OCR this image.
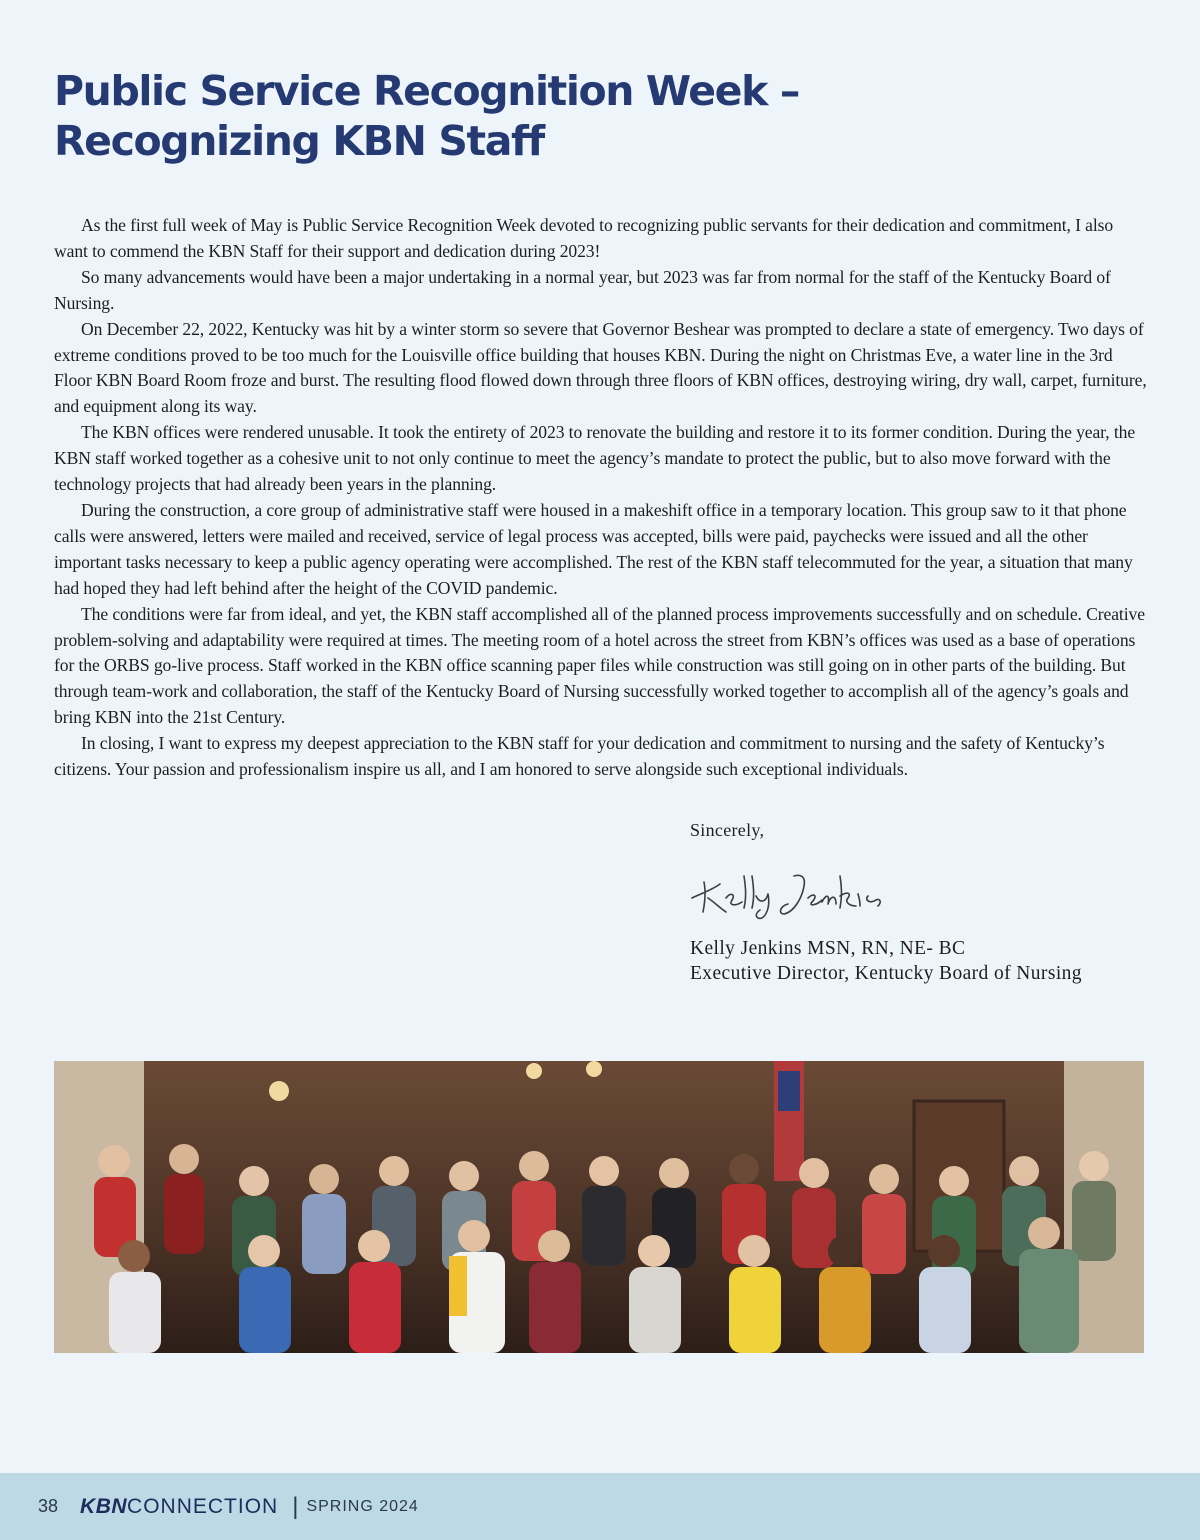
Public Service Recognition Week –
Recognizing KBN Staff

As the first full week of May is Public Service Recognition Week devoted to recognizing public servants for their dedication and commitment, I also want to commend the KBN Staff for their support and dedication during 2023!

So many advancements would have been a major undertaking in a normal year, but 2023 was far from normal for the staff of the Kentucky Board of Nursing.

On December 22, 2022, Kentucky was hit by a winter storm so severe that Governor Beshear was prompted to declare a state of emergency. Two days of extreme conditions proved to be too much for the Louisville office building that houses KBN. During the night on Christmas Eve, a water line in the 3rd Floor KBN Board Room froze and burst. The resulting flood flowed down through three floors of KBN offices, destroying wiring, dry wall, carpet, furniture, and equipment along its way.

The KBN offices were rendered unusable. It took the entirety of 2023 to renovate the building and restore it to its former condition. During the year, the KBN staff worked together as a cohesive unit to not only continue to meet the agency’s mandate to protect the public, but to also move forward with the technology projects that had already been years in the planning.

During the construction, a core group of administrative staff were housed in a makeshift office in a temporary location. This group saw to it that phone calls were answered, letters were mailed and received, service of legal process was accepted, bills were paid, paychecks were issued and all the other important tasks necessary to keep a public agency operating were accomplished. The rest of the KBN staff telecommuted for the year, a situation that many had hoped they had left behind after the height of the COVID pandemic.

The conditions were far from ideal, and yet, the KBN staff accomplished all of the planned process improvements successfully and on schedule. Creative problem-solving and adaptability were required at times. The meeting room of a hotel across the street from KBN’s offices was used as a base of operations for the ORBS go-live process. Staff worked in the KBN office scanning paper files while construction was still going on in other parts of the building. But through team-work and collaboration, the staff of the Kentucky Board of Nursing successfully worked together to accomplish all of the agency’s goals and bring KBN into the 21st Century.

In closing, I want to express my deepest appreciation to the KBN staff for your dedication and commitment to nursing and the safety of Kentucky’s citizens. Your passion and professionalism inspire us all, and I am honored to serve alongside such exceptional individuals.

Sincerely,
Kelly Jenkins MSN, RN, NE- BC
Executive Director, Kentucky Board of Nursing
38 KBN CONNECTION | SPRING 2024
